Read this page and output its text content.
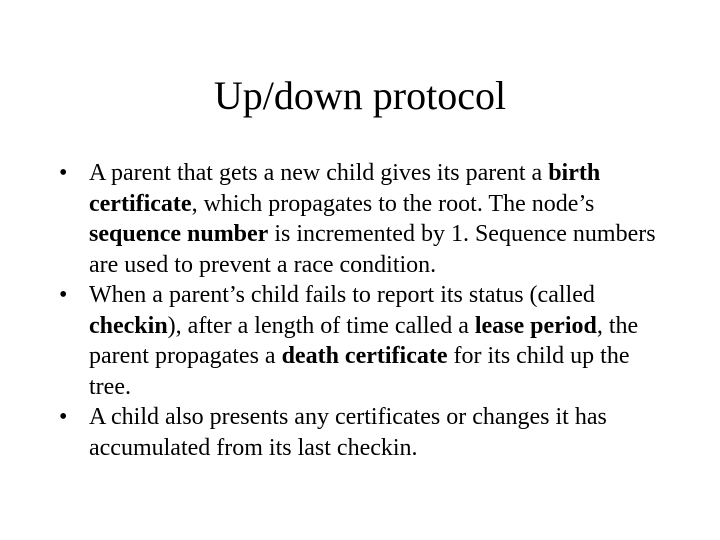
Up/down protocol
• A parent that gets a new child gives its parent a birth certificate, which propagates to the root. The node’s sequence number is incremented by 1. Sequence numbers are used to prevent a race condition.
• When a parent’s child fails to report its status (called checkin), after a length of time called a lease period, the parent propagates a death certificate for its child up the tree.
• A child also presents any certificates or changes it has accumulated from its last checkin.
